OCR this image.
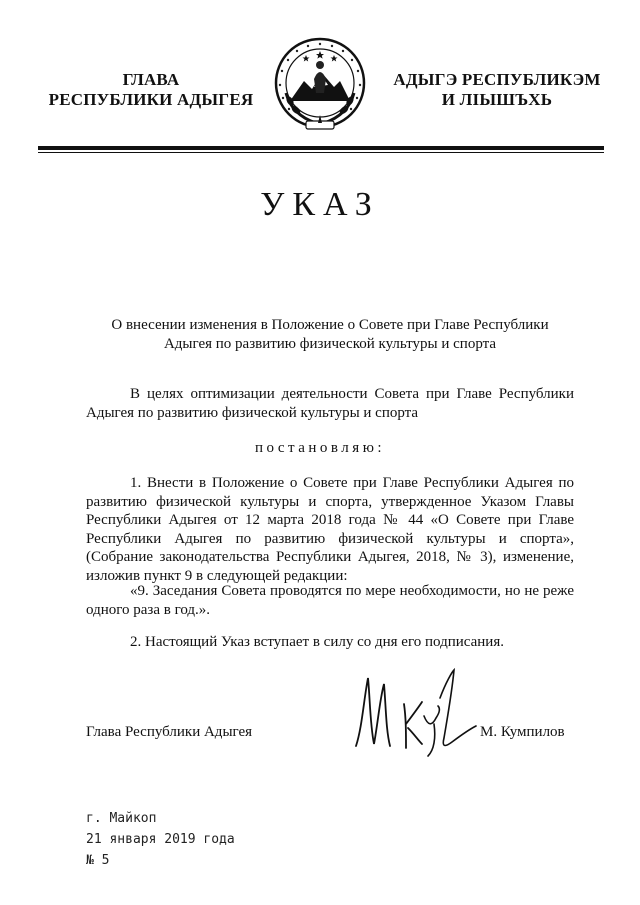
ГЛАВА
РЕСПУБЛИКИ АДЫГЕЯ
АДЫГЭ РЕСПУБЛИКЭМ
И ЛІЫШЪХЬ
УКАЗ
О внесении изменения в Положение о Совете при Главе Республики
Адыгея по развитию физической культуры и спорта
В целях оптимизации деятельности Совета при Главе Республики
Адыгея по развитию физической культуры и спорта
постановляю:
1. Внести в Положение о Совете при Главе Республики Адыгея по
развитию физической культуры и спорта, утвержденное Указом Главы
Республики Адыгея от 12 марта 2018 года № 44 «О Совете при Главе
Республики Адыгея по развитию физической культуры и спорта»,
(Собрание законодательства Республики Адыгея, 2018, № 3), изменение,
изложив пункт 9 в следующей редакции:
«9. Заседания Совета проводятся по мере необходимости, но не реже
одного раза в год.».
2. Настоящий Указ вступает в силу со дня его подписания.
Глава Республики Адыгея	М. Кумпилов
г. Майкоп
21 января 2019 года
№ 5
